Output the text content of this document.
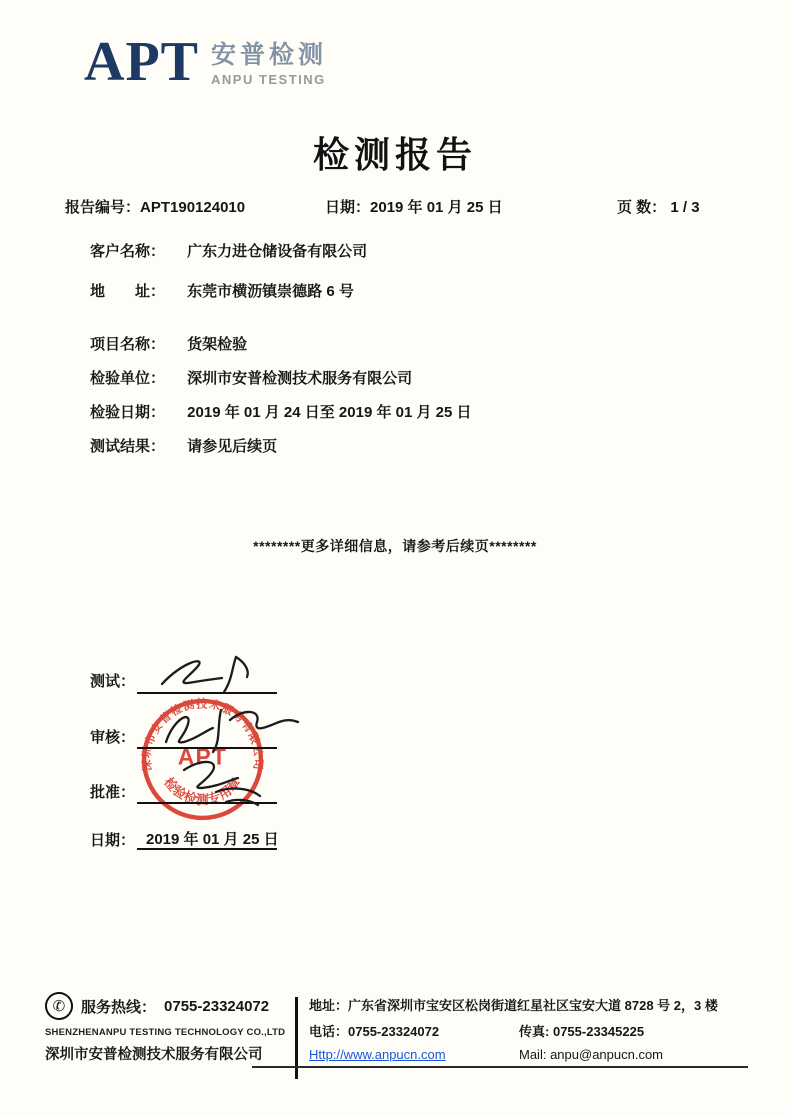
APT 安普检测
ANPU TESTING
检测报告
报告编号：APT190124010	日期：2019 年 01 月 25 日	页 数： 1 / 3
客户名称： 广东力进仓储设备有限公司
地　　址： 东莞市横沥镇崇德路 6 号
项目名称： 货架检验
检验单位： 深圳市安普检测技术服务有限公司
检验日期： 2019 年 01 月 24 日至 2019 年 01 月 25 日
测试结果： 请参见后续页
********更多详细信息，请参考后续页********
测试：
审核：
批准：
日期： 2019 年 01 月 25 日
深圳市安普检测技术服务有限公司
APT
检验检测专用章
✆ 服务热线： 0755-23324072
SHENZHENANPU TESTING TECHNOLOGY CO.,LTD
深圳市安普检测技术服务有限公司
地址：广东省深圳市宝安区松岗街道红星社区宝安大道 8728 号 2，3 楼
电话：0755-23324072	传真: 0755-23345225
Http://www.anpucn.com	Mail: anpu@anpucn.com
